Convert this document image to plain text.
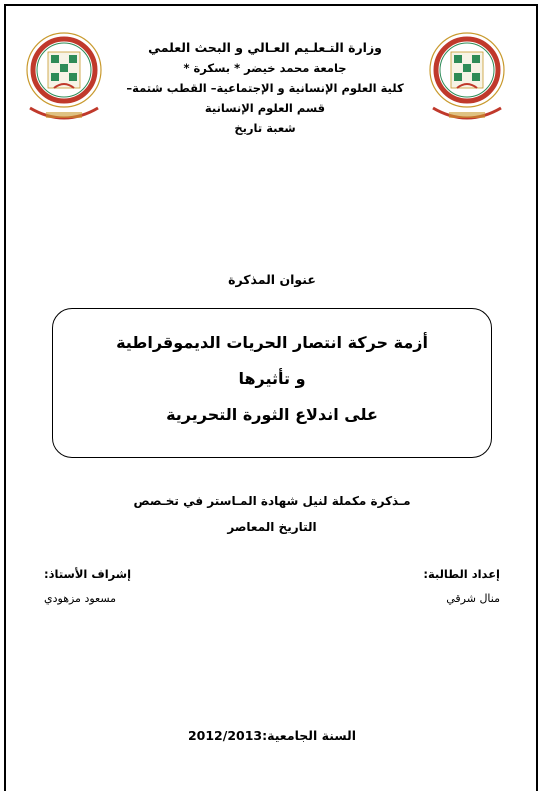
وزارة التـعلـيم العـالي و البحث العلمي
جامعة محمد خيضر * بسكرة *
كلية العلوم الإنسانية و الإجتماعية– القطب شتمة–
قسم العلوم الإنسانية
شعبة تاريخ
عنوان المذكرة
أزمة حركة انتصار الحريات الديموقراطية
و تأثيرها
على اندلاع الثورة التحريرية
مـذكرة مكملة لنيل شهادة المـاستر في تخـصص
التاريخ المعاصر
إعداد الطالبة:
منال شرقي
إشراف الأستاذ:
مسعود مزهودي
السنة الجامعية:2012/2013
